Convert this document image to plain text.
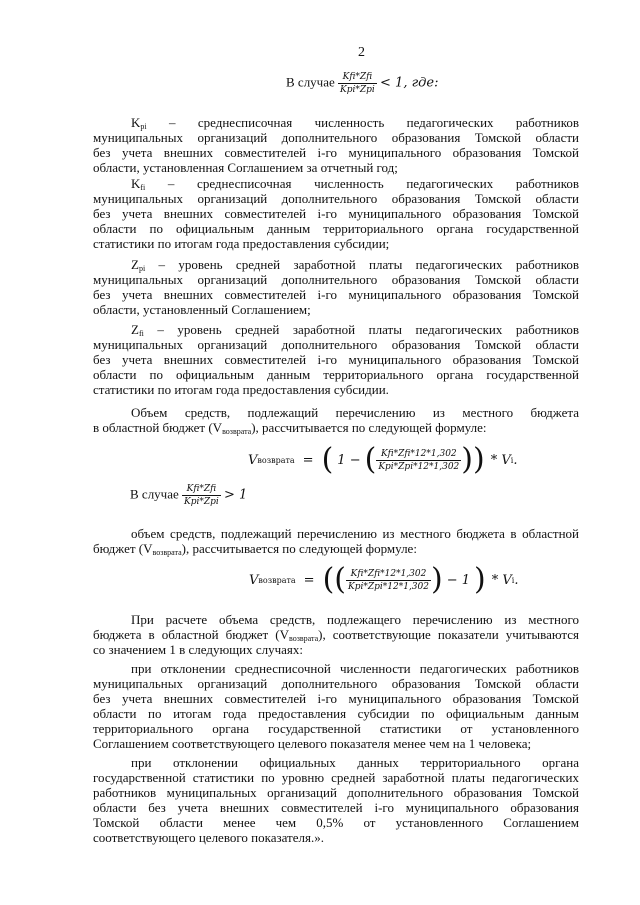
2
В случае $\frac{\text{Kfi*Zfi}}{\text{Kpi*Zpi}} < 1$, где:
$K_{pi}$ – среднесписочная численность педагогических работников
муниципальных организаций дополнительного образования Томской области
без учета внешних совместителей i-го муниципального образования Томской
области, установленная Соглашением за отчетный год;
$K_{fi}$ – среднесписочная численность педагогических работников
муниципальных организаций дополнительного образования Томской области
без учета внешних совместителей i-го муниципального образования Томской
области по официальным данным территориального органа государственной
статистики по итогам года предоставления субсидии;
$Z_{pi}$ – уровень средней заработной платы педагогических работников
муниципальных организаций дополнительного образования Томской области
без учета внешних совместителей i-го муниципального образования Томской
области, установленный Соглашением;
$Z_{fi}$ – уровень средней заработной платы педагогических работников
муниципальных организаций дополнительного образования Томской области
без учета внешних совместителей i-го муниципального образования Томской
области по официальным данным территориального органа государственной
статистики по итогам года предоставления субсидии.
Объем средств, подлежащий перечислению из местного бюджета
в областной бюджет $(V_{возврата})$, рассчитывается по следующей формуле:
V возврата = ( 1 − ( $\frac{\text{Kfi*Zfi*12*1,302}}{\text{Kpi*Zpi*12*1,302}}$ ) ) * V i .
В случае $\frac{\text{Kfi*Zfi}}{\text{Kpi*Zpi}} > 1$
объем средств, подлежащий перечислению из местного бюджета в областной
бюджет $(V_{возврата})$, рассчитывается по следующей формуле:
V возврата = ( ( $\frac{\text{Kfi*Zfi*12*1,302}}{\text{Kpi*Zpi*12*1,302}}$ ) − 1 ) * V i .
При расчете объема средств, подлежащего перечислению из местного
бюджета в областной бюджет $(V_{возврата})$, соответствующие показатели учитываются
со значением 1 в следующих случаях:
при отклонении среднесписочной численности педагогических работников
муниципальных организаций дополнительного образования Томской области
без учета внешних совместителей i-го муниципального образования Томской
области по итогам года предоставления субсидии по официальным данным
территориального органа государственной статистики от установленного
Соглашением соответствующего целевого показателя менее чем на 1 человека;
при отклонении официальных данных территориального органа
государственной статистики по уровню средней заработной платы педагогических
работников муниципальных организаций дополнительного образования Томской
области без учета внешних совместителей i-го муниципального образования
Томской области менее чем 0,5% от установленного Соглашением
соответствующего целевого показателя.».
